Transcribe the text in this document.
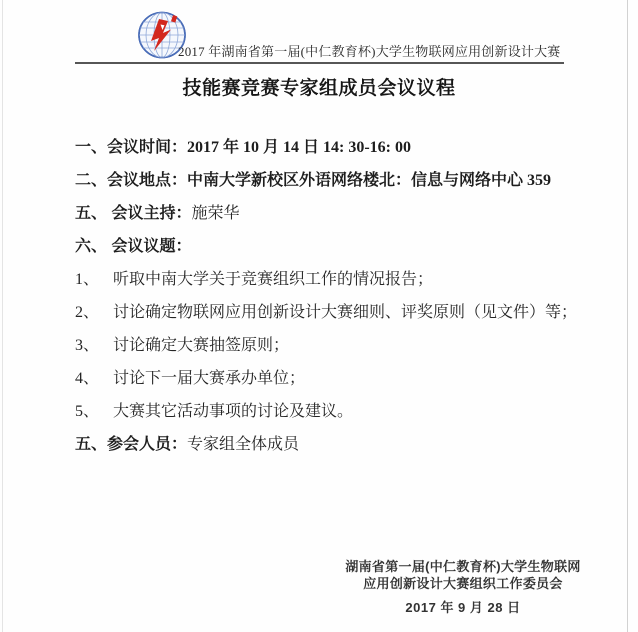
2017 年湖南省第一届(中仁教育杯)大学生物联网应用创新设计大赛
技能赛竞赛专家组成员会议议程
一、会议时间：2017 年 10 月 14 日 14: 30-16: 00
二、会议地点：中南大学新校区外语网络楼北：信息与网络中心 359
五、 会议主持：施荣华
六、 会议议题：
1、 听取中南大学关于竞赛组织工作的情况报告；
2、 讨论确定物联网应用创新设计大赛细则、评奖原则（见文件）等；
3、 讨论确定大赛抽签原则；
4、 讨论下一届大赛承办单位；
5、 大赛其它活动事项的讨论及建议。
五、参会人员：专家组全体成员
湖南省第一届(中仁教育杯)大学生物联网
应用创新设计大赛组织工作委员会
2017 年 9 月 28 日
